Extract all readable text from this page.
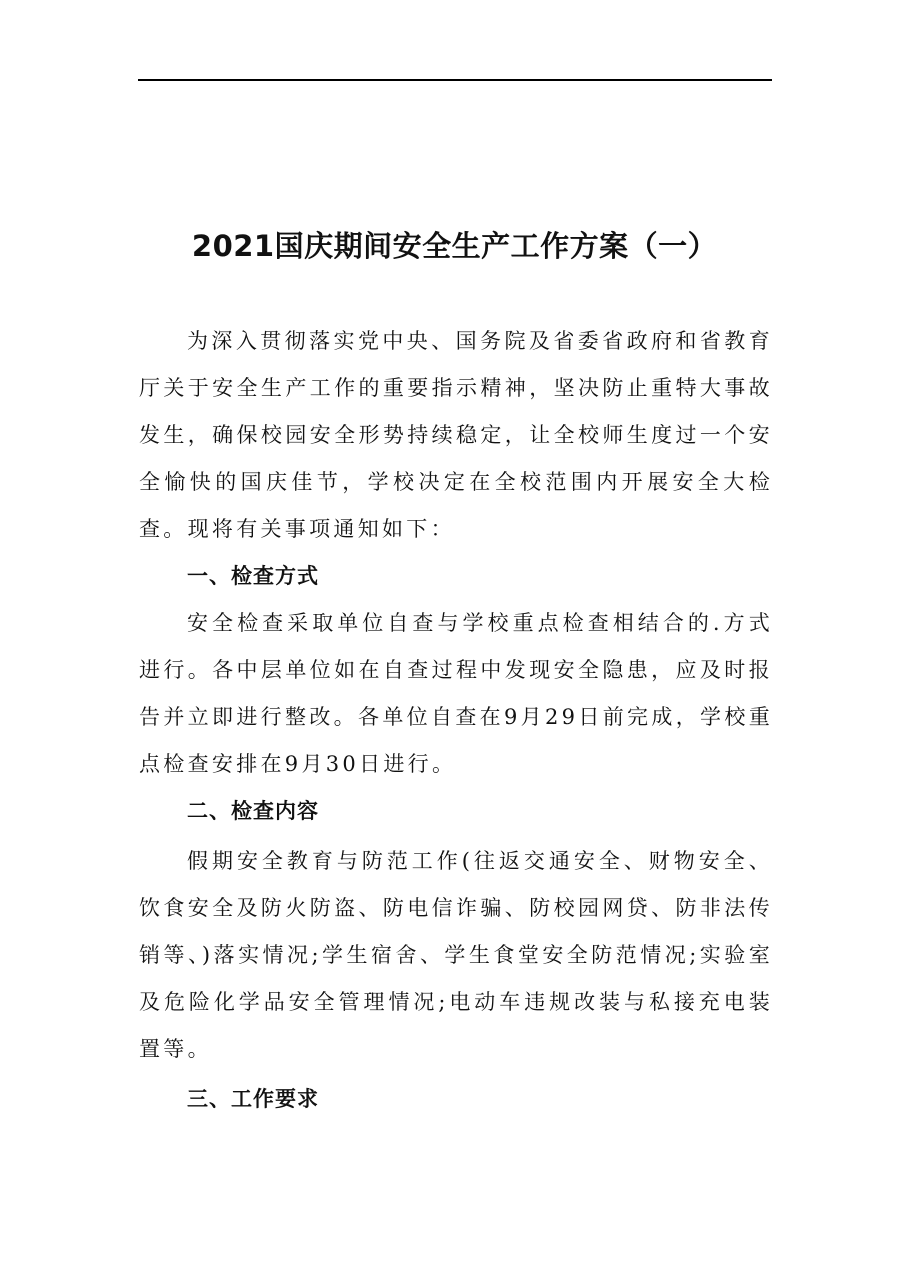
2021国庆期间安全生产工作方案（一）

为深入贯彻落实党中央、国务院及省委省政府和省教育厅关于安全生产工作的重要指示精神，坚决防止重特大事故发生，确保校园安全形势持续稳定，让全校师生度过一个安全愉快的国庆佳节，学校决定在全校范围内开展安全大检查。现将有关事项通知如下：

一、检查方式

安全检查采取单位自查与学校重点检查相结合的.方式进行。各中层单位如在自查过程中发现安全隐患，应及时报告并立即进行整改。各单位自查在9月29日前完成，学校重点检查安排在9月30日进行。

二、检查内容

假期安全教育与防范工作(往返交通安全、财物安全、饮食安全及防火防盗、防电信诈骗、防校园网贷、防非法传销等、)落实情况;学生宿舍、学生食堂安全防范情况;实验室及危险化学品安全管理情况;电动车违规改装与私接充电装置等。

三、工作要求
